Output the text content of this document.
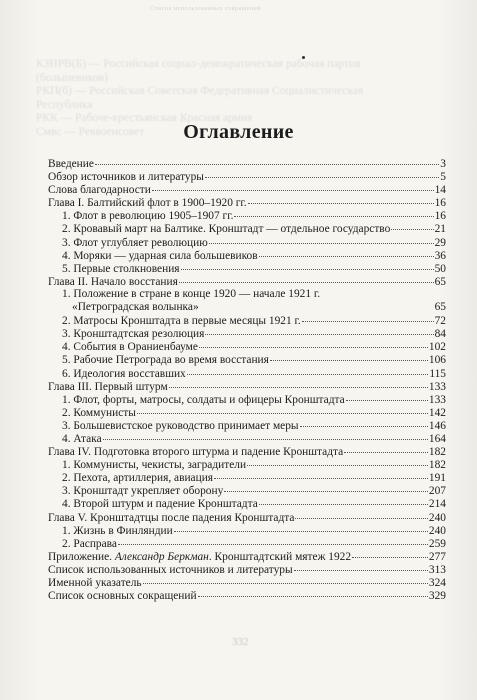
Список использованных сокращений
КЗНРВ(Б) — Российская социал-демократическая рабочая партия
(большевиков)
РКП(б) — Российская Советская Федеративная Социалистическая
Республика
РКК — Рабоче-крестьянская Красная армия
Смвс — Реввоенсовет
332
Оглавление
Введение	3
Обзор источников и литературы	5
Слова благодарности	14
Глава I. Балтийский флот в 1900–1920 гг.	16
1. Флот в революцию 1905–1907 гг.	16
2. Кровавый март на Балтике. Кронштадт — отдельное государство	21
3. Флот углубляет революцию	29
4. Моряки — ударная сила большевиков	36
5. Первые столкновения	50
Глава II. Начало восстания	65
1. Положение в стране в конце 1920 — начале 1921 г.
«Петроградская волынка»	65
2. Матросы Кронштадта в первые месяцы 1921 г.	72
3. Кронштадтская резолюция	84
4. События в Ораниенбауме	102
5. Рабочие Петрограда во время восстания	106
6. Идеология восставших	115
Глава III. Первый штурм	133
1. Флот, форты, матросы, солдаты и офицеры Кронштадта	133
2. Коммунисты	142
3. Большевистское руководство принимает меры	146
4. Атака	164
Глава IV. Подготовка второго штурма и падение Кронштадта	182
1. Коммунисты, чекисты, заградители	182
2. Пехота, артиллерия, авиация	191
3. Кронштадт укрепляет оборону	207
4. Второй штурм и падение Кронштадта	214
Глава V. Кронштадтцы после падения Кронштадта	240
1. Жизнь в Финляндии	240
2. Расправа	259
Приложение. Александр Беркман. Кронштадтский мятеж 1922	277
Список использованных источников и литературы	313
Именной указатель	324
Список основных сокращений	329
